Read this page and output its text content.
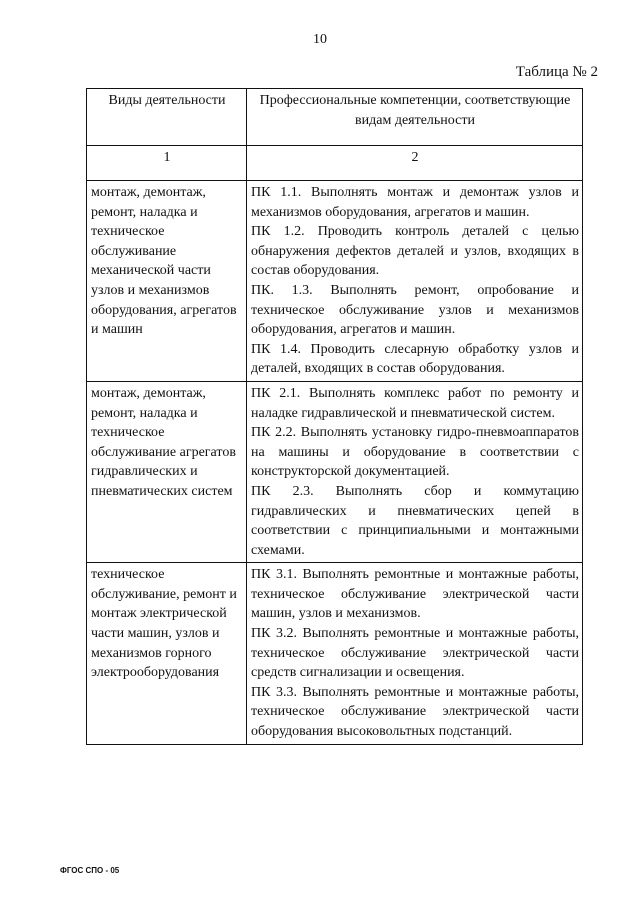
10
Таблица № 2
Виды деятельности	Профессиональные компетенции, соответствующие видам деятельности
1	2
монтаж, демонтаж, ремонт, наладка и техническое обслуживание механической части узлов и механизмов оборудования, агрегатов и машин	ПК 1.1. Выполнять монтаж и демонтаж узлов и механизмов оборудования, агрегатов и машин.

ПК 1.2. Проводить контроль деталей с целью обнаружения дефектов деталей и узлов, входящих в состав оборудования.

ПК. 1.3. Выполнять ремонт, опробование и техническое обслуживание узлов и механизмов оборудования, агрегатов и машин.

ПК 1.4. Проводить слесарную обработку узлов и деталей, входящих в состав оборудования.

монтаж, демонтаж, ремонт, наладка и техническое обслуживание агрегатов гидравлических и пневматических систем	ПК 2.1. Выполнять комплекс работ по ремонту и наладке гидравлической и пневматической систем.

ПК 2.2. Выполнять установку гидро-пневмоаппаратов на машины и оборудование в соответствии с конструкторской документацией.

ПК 2.3. Выполнять сбор и коммутацию гидравлических и пневматических цепей в соответствии с принципиальными и монтажными схемами.

техническое обслуживание, ремонт и монтаж электрической части машин, узлов и механизмов горного электрооборудования	ПК 3.1. Выполнять ремонтные и монтажные работы, техническое обслуживание электрической части машин, узлов и механизмов.

ПК 3.2. Выполнять ремонтные и монтажные работы, техническое обслуживание электрической части средств сигнализации и освещения.

ПК 3.3. Выполнять ремонтные и монтажные работы, техническое обслуживание электрической части оборудования высоковольтных подстанций.

ФГОС СПО - 05
